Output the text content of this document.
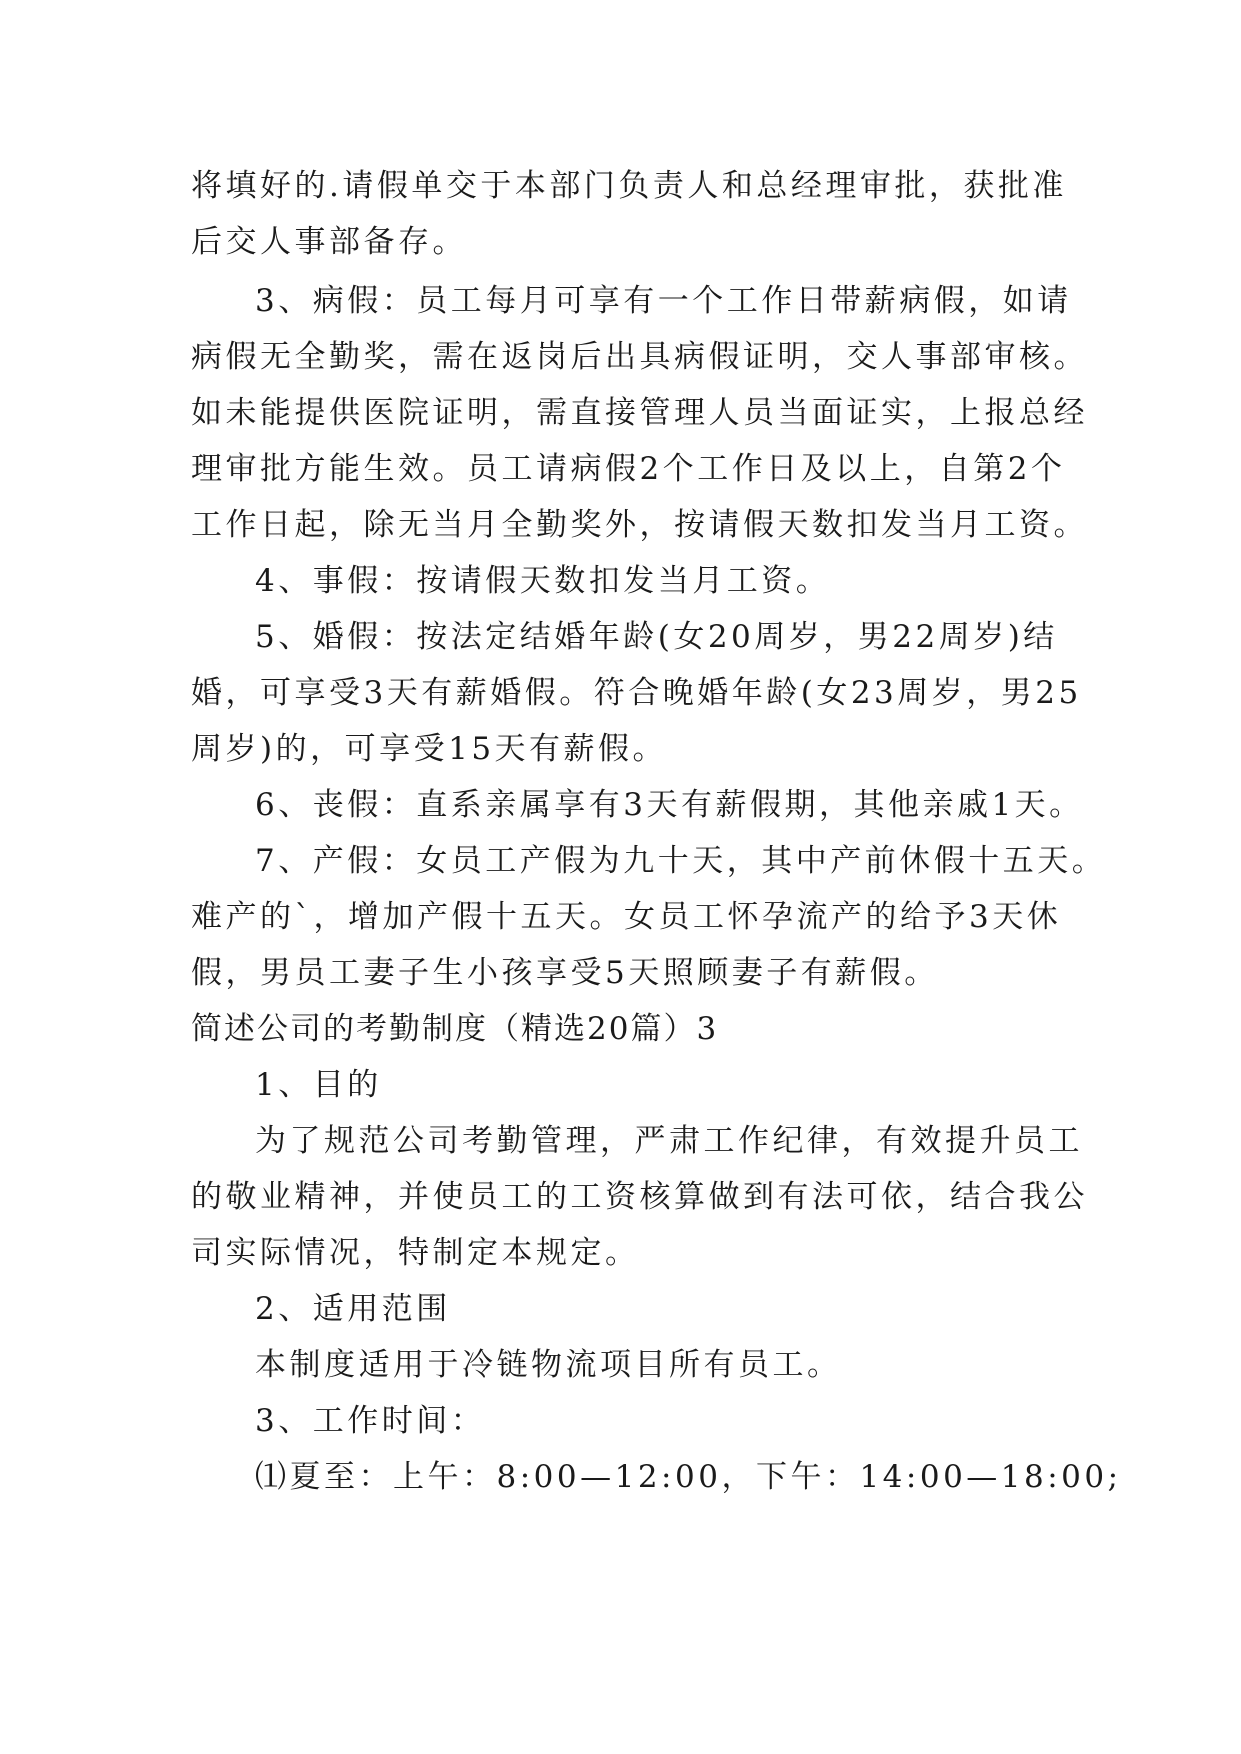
将填好的.请假单交于本部门负责人和总经理审批，获批准
后交人事部备存。
3、病假：员工每月可享有一个工作日带薪病假，如请
病假无全勤奖，需在返岗后出具病假证明，交人事部审核。
如未能提供医院证明，需直接管理人员当面证实，上报总经
理审批方能生效。员工请病假2个工作日及以上，自第2个
工作日起，除无当月全勤奖外，按请假天数扣发当月工资。
4、事假：按请假天数扣发当月工资。
5、婚假：按法定结婚年龄(女20周岁，男22周岁)结
婚，可享受3天有薪婚假。符合晚婚年龄(女23周岁，男25
周岁)的，可享受15天有薪假。
6、丧假：直系亲属享有3天有薪假期，其他亲戚1天。
7、产假：女员工产假为九十天，其中产前休假十五天。
难产的`，增加产假十五天。女员工怀孕流产的给予3天休
假，男员工妻子生小孩享受5天照顾妻子有薪假。
简述公司的考勤制度（精选20篇）3
1、目的
为了规范公司考勤管理，严肃工作纪律，有效提升员工
的敬业精神，并使员工的工资核算做到有法可依，结合我公
司实际情况，特制定本规定。
2、适用范围
本制度适用于冷链物流项目所有员工。
3、工作时间：
⑴夏至：上午：8:00—12:00，下午：14:00—18:00;
